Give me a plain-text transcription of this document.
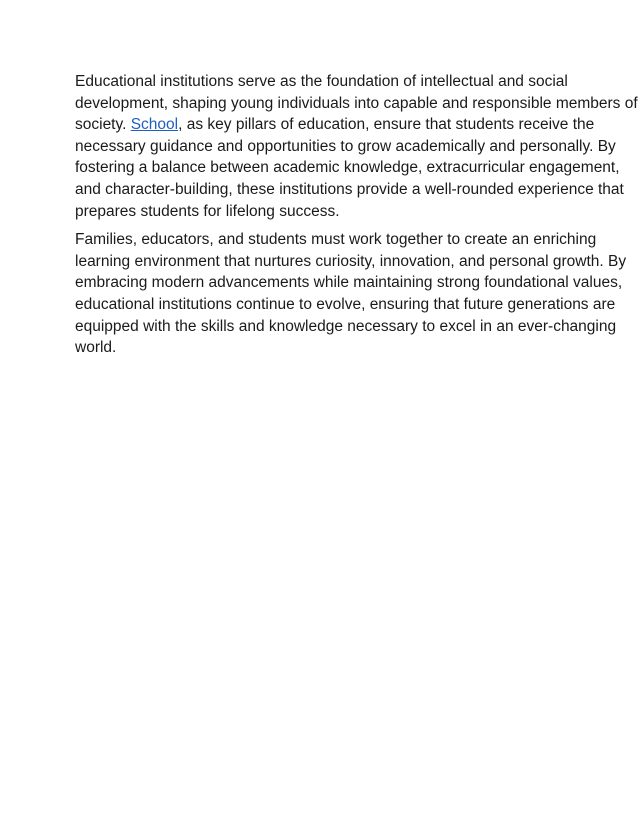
Educational institutions serve as the foundation of intellectual and social
development, shaping young individuals into capable and responsible members of
society. School, as key pillars of education, ensure that students receive the
necessary guidance and opportunities to grow academically and personally. By
fostering a balance between academic knowledge, extracurricular engagement,
and character-building, these institutions provide a well-rounded experience that
prepares students for lifelong success.

Families, educators, and students must work together to create an enriching
learning environment that nurtures curiosity, innovation, and personal growth. By
embracing modern advancements while maintaining strong foundational values,
educational institutions continue to evolve, ensuring that future generations are
equipped with the skills and knowledge necessary to excel in an ever-changing
world.
